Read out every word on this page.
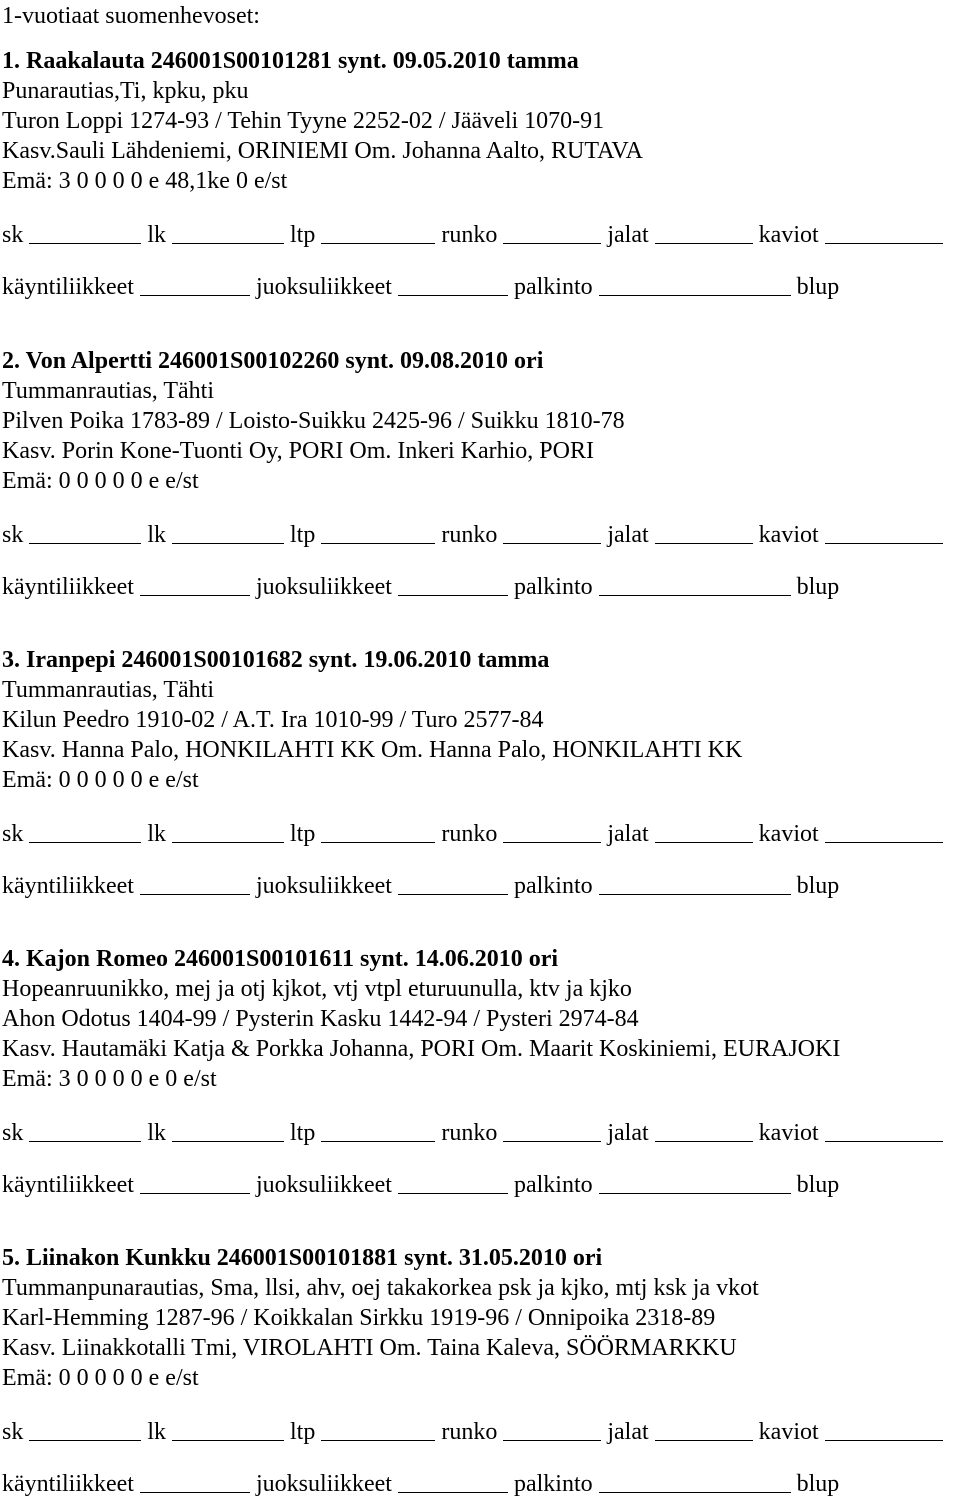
1-vuotiaat suomenhevoset:
1. Raakalauta 246001S00101281 synt. 09.05.2010 tamma
Punarautias,Ti, kpku, pku
Turon Loppi 1274-93 / Tehin Tyyne 2252-02 / Jääveli 1070-91
Kasv.Sauli Lähdeniemi, ORINIEMI Om. Johanna Aalto, RUTAVA
Emä: 3 0 0 0 0 e 48,1ke 0 e/st
sk	lk	ltp	runko	jalat	kaviot
käyntiliikkeet	juoksuliikkeet	palkinto	blup
2. Von Alpertti 246001S00102260 synt. 09.08.2010 ori
Tummanrautias, Tähti
Pilven Poika 1783-89 / Loisto-Suikku 2425-96 / Suikku 1810-78
Kasv. Porin Kone-Tuonti Oy, PORI Om. Inkeri Karhio, PORI
Emä: 0 0 0 0 0 e e/st
sk	lk	ltp	runko	jalat	kaviot
käyntiliikkeet	juoksuliikkeet	palkinto	blup
3. Iranpepi 246001S00101682 synt. 19.06.2010 tamma
Tummanrautias, Tähti
Kilun Peedro 1910-02 / A.T. Ira 1010-99 / Turo 2577-84
Kasv. Hanna Palo, HONKILAHTI KK Om. Hanna Palo, HONKILAHTI KK
Emä: 0 0 0 0 0 e e/st
sk	lk	ltp	runko	jalat	kaviot
käyntiliikkeet	juoksuliikkeet	palkinto	blup
4. Kajon Romeo 246001S00101611 synt. 14.06.2010 ori
Hopeanruunikko, mej ja otj kjkot, vtj vtpl eturuunulla, ktv ja kjko
Ahon Odotus 1404-99 / Pysterin Kasku 1442-94 / Pysteri 2974-84
Kasv. Hautamäki Katja & Porkka Johanna, PORI Om. Maarit Koskiniemi, EURAJOKI
Emä: 3 0 0 0 0 e 0 e/st
sk	lk	ltp	runko	jalat	kaviot
käyntiliikkeet	juoksuliikkeet	palkinto	blup
5. Liinakon Kunkku 246001S00101881 synt. 31.05.2010 ori
Tummanpunarautias, Sma, llsi, ahv, oej takakorkea psk ja kjko, mtj ksk ja vkot
Karl-Hemming 1287-96 / Koikkalan Sirkku 1919-96 / Onnipoika 2318-89
Kasv. Liinakkotalli Tmi, VIROLAHTI Om. Taina Kaleva, SÖÖRMARKKU
Emä: 0 0 0 0 0 e e/st
sk	lk	ltp	runko	jalat	kaviot
käyntiliikkeet	juoksuliikkeet	palkinto	blup
